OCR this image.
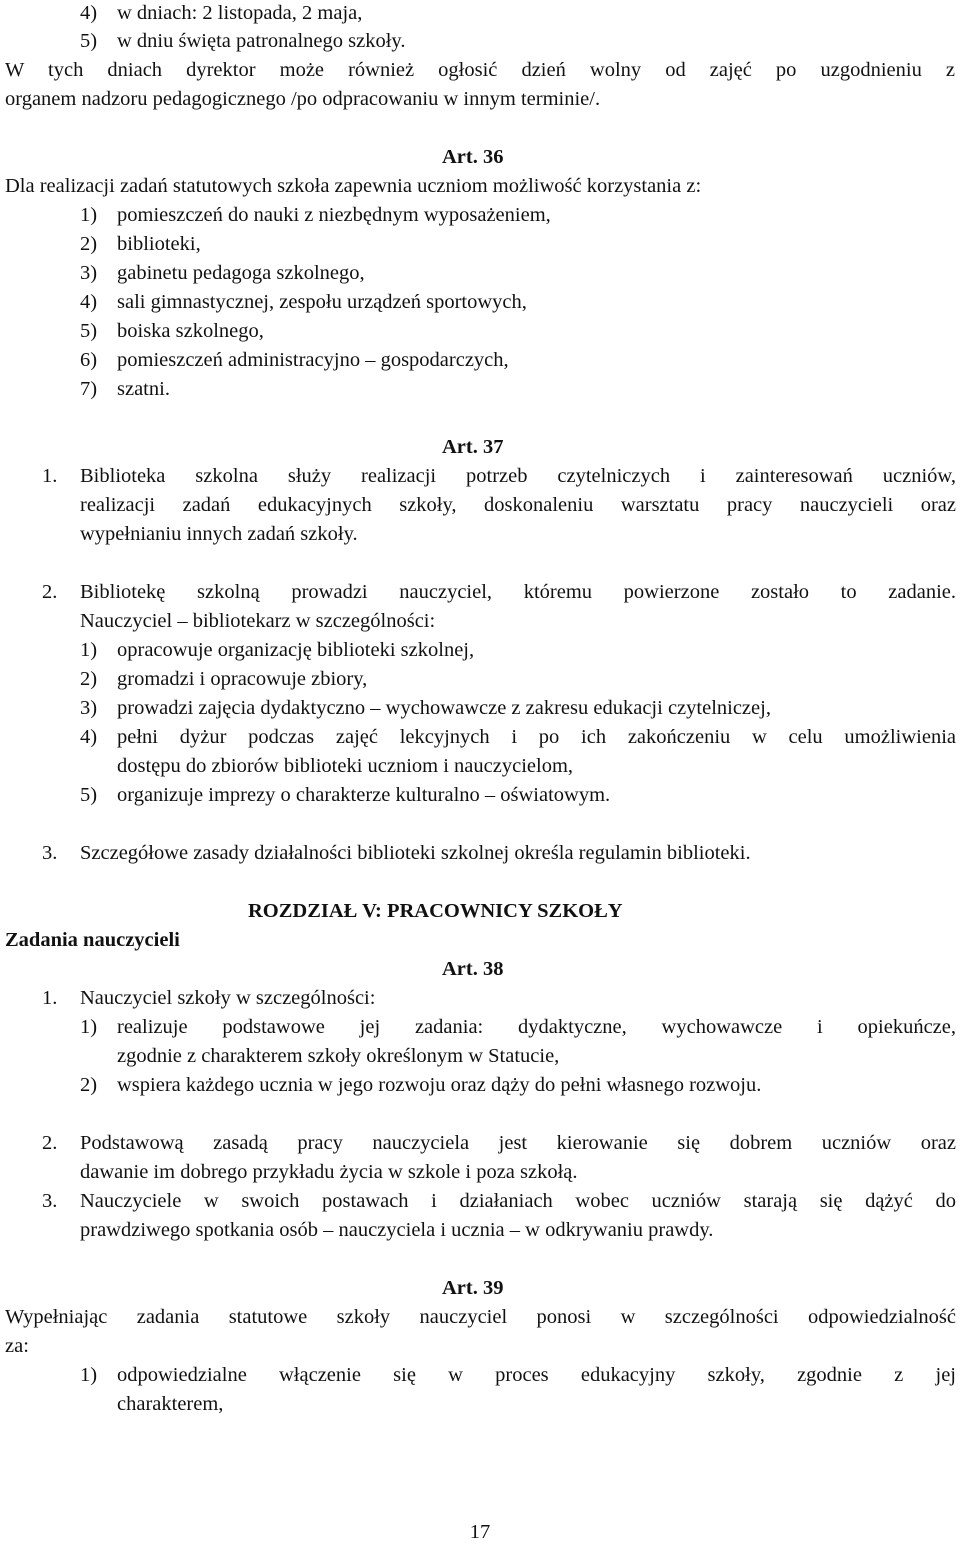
4) w dniach: 2 listopada, 2 maja,
5) w dniu święta patronalnego szkoły.
W tych dniach dyrektor może również ogłosić dzień wolny od zajęć po uzgodnieniu z
organem nadzoru pedagogicznego /po odpracowaniu w innym terminie/.
Art. 36
Dla realizacji zadań statutowych szkoła zapewnia uczniom możliwość korzystania z:
1) pomieszczeń do nauki z niezbędnym wyposażeniem,
2) biblioteki,
3) gabinetu pedagoga szkolnego,
4) sali gimnastycznej, zespołu urządzeń sportowych,
5) boiska szkolnego,
6) pomieszczeń administracyjno – gospodarczych,
7) szatni.
Art. 37
1. Biblioteka szkolna służy realizacji potrzeb czytelniczych i zainteresowań uczniów,
realizacji zadań edukacyjnych szkoły, doskonaleniu warsztatu pracy nauczycieli oraz
wypełnianiu innych zadań szkoły.
2. Bibliotekę szkolną prowadzi nauczyciel, któremu powierzone zostało to zadanie.
Nauczyciel – bibliotekarz w szczególności:
1) opracowuje organizację biblioteki szkolnej,
2) gromadzi i opracowuje zbiory,
3) prowadzi zajęcia dydaktyczno – wychowawcze z zakresu edukacji czytelniczej,
4) pełni dyżur podczas zajęć lekcyjnych i po ich zakończeniu w celu umożliwienia
dostępu do zbiorów biblioteki uczniom i nauczycielom,
5) organizuje imprezy o charakterze kulturalno – oświatowym.
3. Szczegółowe zasady działalności biblioteki szkolnej określa regulamin biblioteki.
ROZDZIAŁ V: PRACOWNICY SZKOŁY
Zadania nauczycieli
Art. 38
1. Nauczyciel szkoły w szczególności:
1) realizuje podstawowe jej zadania: dydaktyczne, wychowawcze i opiekuńcze,
zgodnie z charakterem szkoły określonym w Statucie,
2) wspiera każdego ucznia w jego rozwoju oraz dąży do pełni własnego rozwoju.
2. Podstawową zasadą pracy nauczyciela jest kierowanie się dobrem uczniów oraz
dawanie im dobrego przykładu życia w szkole i poza szkołą.
3. Nauczyciele w swoich postawach i działaniach wobec uczniów starają się dążyć do
prawdziwego spotkania osób – nauczyciela i ucznia – w odkrywaniu prawdy.
Art. 39
Wypełniając zadania statutowe szkoły nauczyciel ponosi w szczególności odpowiedzialność
za:
1) odpowiedzialne włączenie się w proces edukacyjny szkoły, zgodnie z jej
charakterem,
17
